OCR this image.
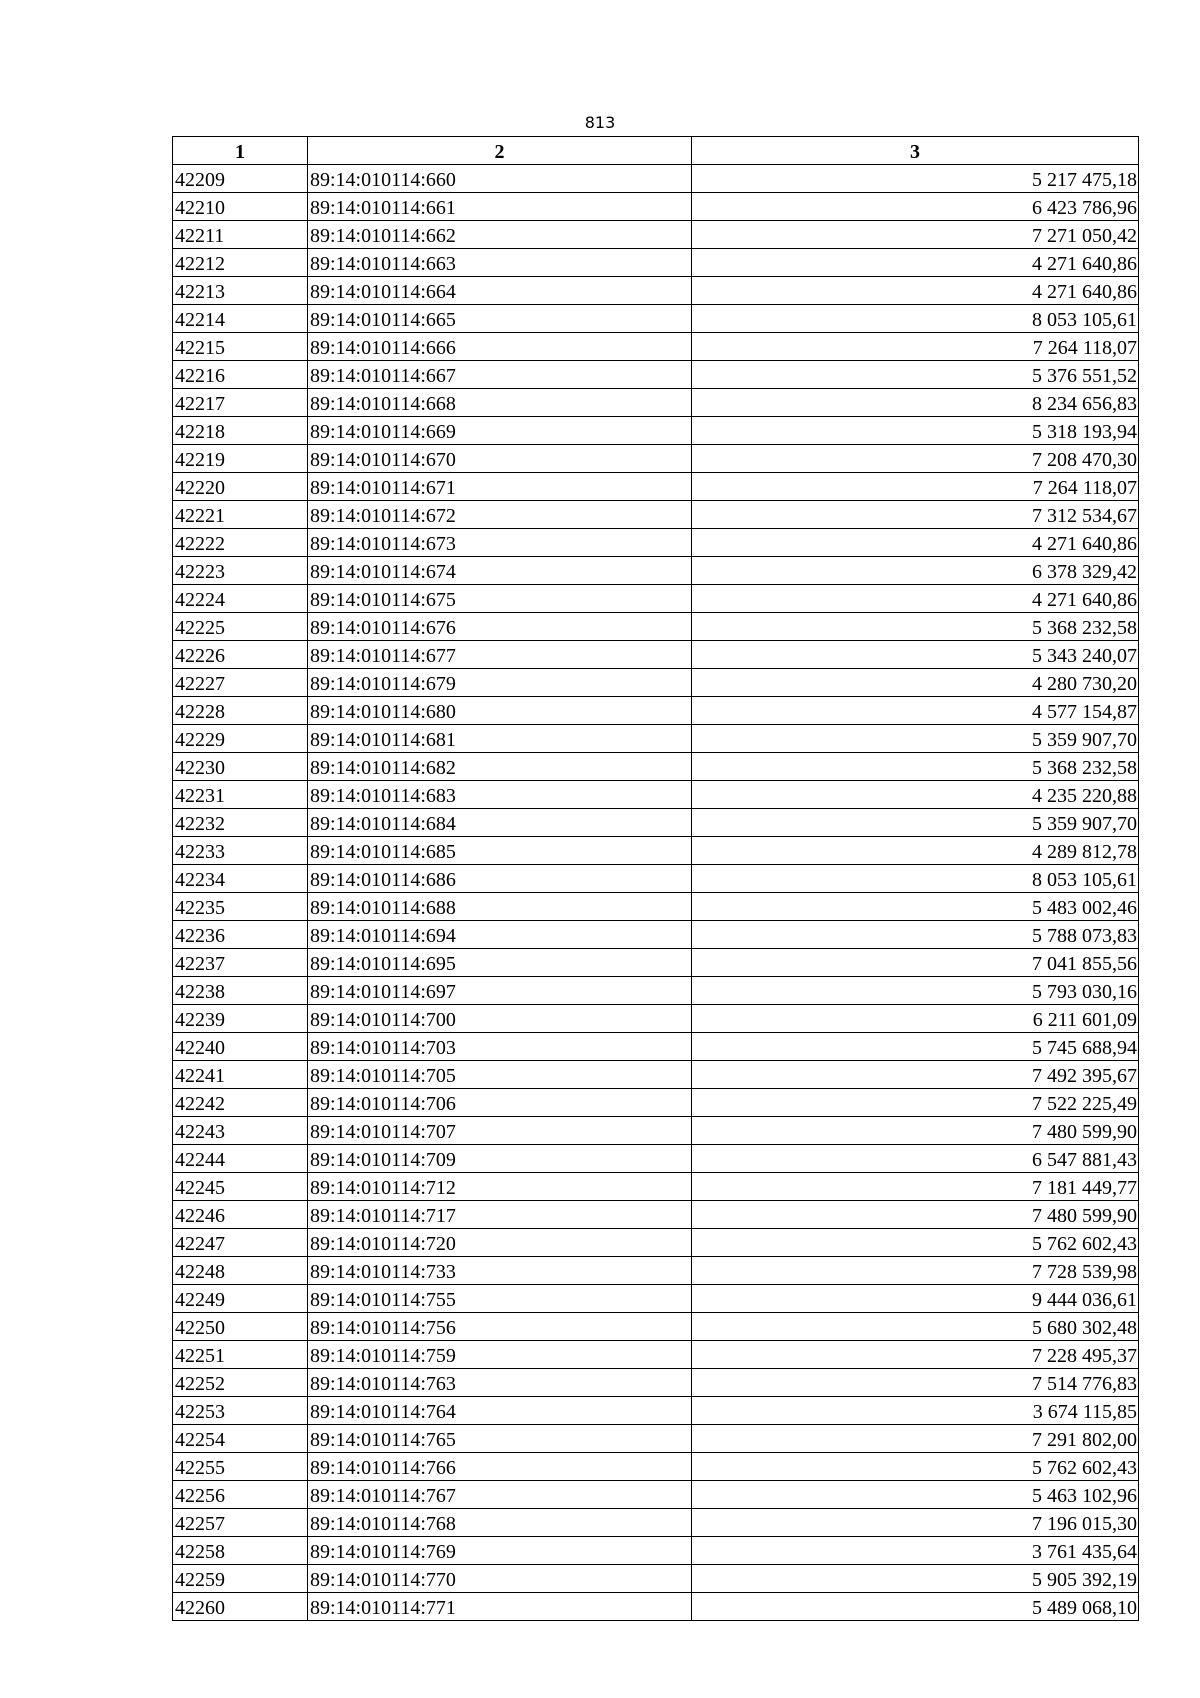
813
1	2	3
42209	89:14:010114:660	5 217 475,18
42210	89:14:010114:661	6 423 786,96
42211	89:14:010114:662	7 271 050,42
42212	89:14:010114:663	4 271 640,86
42213	89:14:010114:664	4 271 640,86
42214	89:14:010114:665	8 053 105,61
42215	89:14:010114:666	7 264 118,07
42216	89:14:010114:667	5 376 551,52
42217	89:14:010114:668	8 234 656,83
42218	89:14:010114:669	5 318 193,94
42219	89:14:010114:670	7 208 470,30
42220	89:14:010114:671	7 264 118,07
42221	89:14:010114:672	7 312 534,67
42222	89:14:010114:673	4 271 640,86
42223	89:14:010114:674	6 378 329,42
42224	89:14:010114:675	4 271 640,86
42225	89:14:010114:676	5 368 232,58
42226	89:14:010114:677	5 343 240,07
42227	89:14:010114:679	4 280 730,20
42228	89:14:010114:680	4 577 154,87
42229	89:14:010114:681	5 359 907,70
42230	89:14:010114:682	5 368 232,58
42231	89:14:010114:683	4 235 220,88
42232	89:14:010114:684	5 359 907,70
42233	89:14:010114:685	4 289 812,78
42234	89:14:010114:686	8 053 105,61
42235	89:14:010114:688	5 483 002,46
42236	89:14:010114:694	5 788 073,83
42237	89:14:010114:695	7 041 855,56
42238	89:14:010114:697	5 793 030,16
42239	89:14:010114:700	6 211 601,09
42240	89:14:010114:703	5 745 688,94
42241	89:14:010114:705	7 492 395,67
42242	89:14:010114:706	7 522 225,49
42243	89:14:010114:707	7 480 599,90
42244	89:14:010114:709	6 547 881,43
42245	89:14:010114:712	7 181 449,77
42246	89:14:010114:717	7 480 599,90
42247	89:14:010114:720	5 762 602,43
42248	89:14:010114:733	7 728 539,98
42249	89:14:010114:755	9 444 036,61
42250	89:14:010114:756	5 680 302,48
42251	89:14:010114:759	7 228 495,37
42252	89:14:010114:763	7 514 776,83
42253	89:14:010114:764	3 674 115,85
42254	89:14:010114:765	7 291 802,00
42255	89:14:010114:766	5 762 602,43
42256	89:14:010114:767	5 463 102,96
42257	89:14:010114:768	7 196 015,30
42258	89:14:010114:769	3 761 435,64
42259	89:14:010114:770	5 905 392,19
42260	89:14:010114:771	5 489 068,10
